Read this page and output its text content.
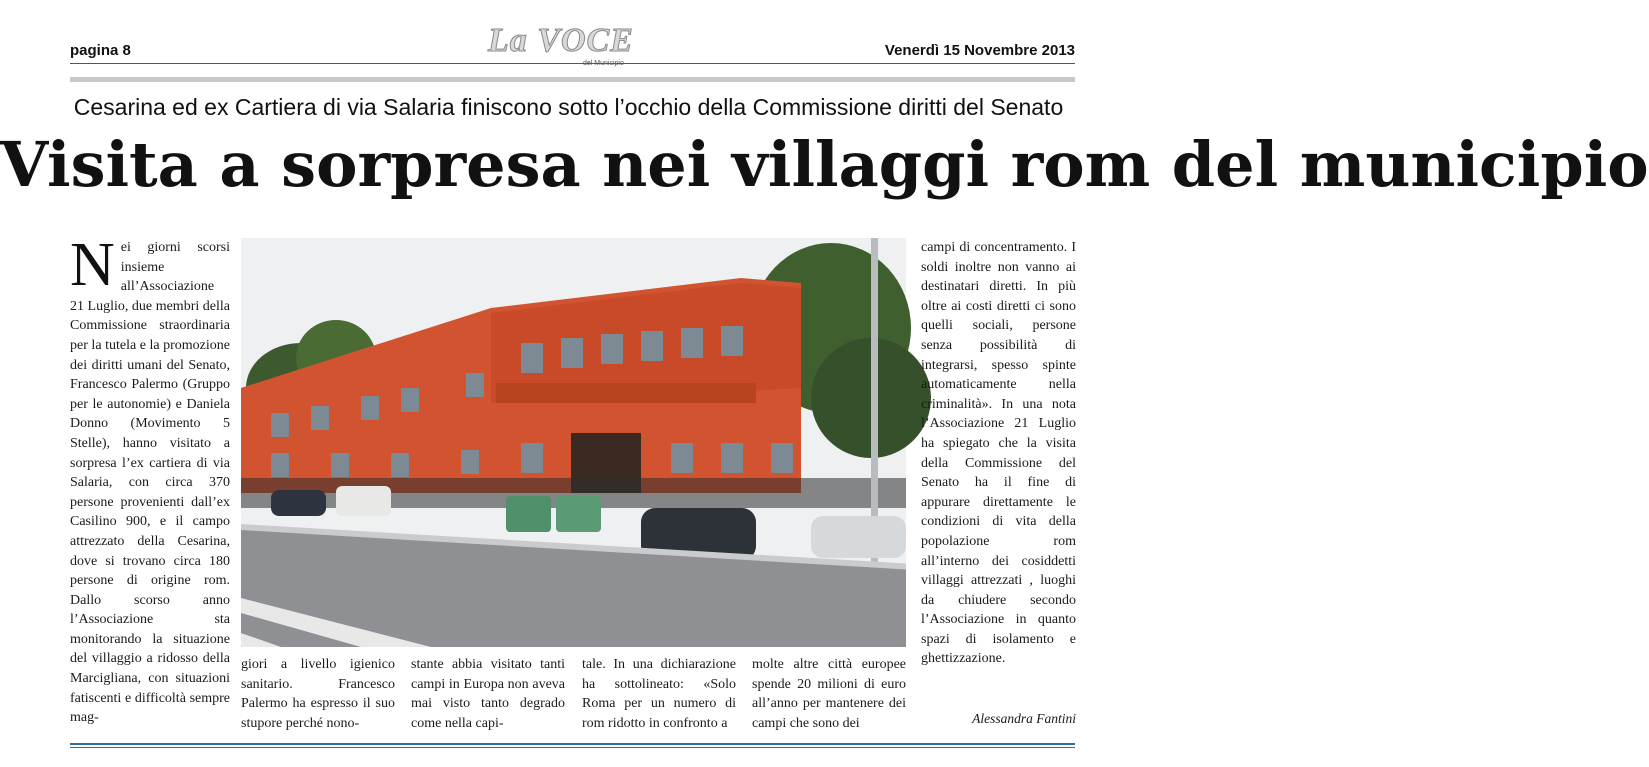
pagina 8	La VOCE	Venerdì 15 Novembre 2013
Cesarina ed ex Cartiera di via Salaria finiscono sotto l’occhio della Commissione diritti del Senato
Visita a sorpresa nei villaggi rom del municipio

Nei giorni scorsi insieme all’Associazione 21 Luglio, due membri della Commissione straordinaria per la tutela e la promozione dei diritti umani del Senato, Francesco Palermo (Gruppo per le autonomie) e Daniela Donno (Movimento 5 Stelle), hanno visitato a sorpresa l’ex cartiera di via Salaria, con circa 370 persone provenienti dall’ex Casilino 900, e il campo attrezzato della Cesarina, dove si trovano circa 180 persone di origine rom. Dallo scorso anno l’Associazione sta monitorando la situazione del villaggio a ridosso della Marcigliana, con situazioni fatiscenti e difficoltà sempre mag-

giori a livello igienico sanitario. Francesco Palermo ha espresso il suo stupore perché nono-
stante abbia visitato tanti campi in Europa non aveva mai visto tanto degrado come nella capi-
tale. In una dichiarazione ha sottolineato: «Solo Roma per un numero di rom ridotto in confronto a
molte altre città europee spende 20 milioni di euro all’anno per mantenere dei campi che sono dei
campi di concentramento. I soldi inoltre non vanno ai destinatari diretti. In più oltre ai costi diretti ci sono quelli sociali, persone senza possibilità di integrarsi, spesso spinte automaticamente nella criminalità». In una nota l’Associazione 21 Luglio ha spiegato che la visita della Commissione del Senato ha il fine di appurare direttamente le condizioni di vita della popolazione rom all’interno dei cosiddetti villaggi attrezzati , luoghi da chiudere secondo l’Associazione in quanto spazi di isolamento e ghettizzazione.
Alessandra Fantini
